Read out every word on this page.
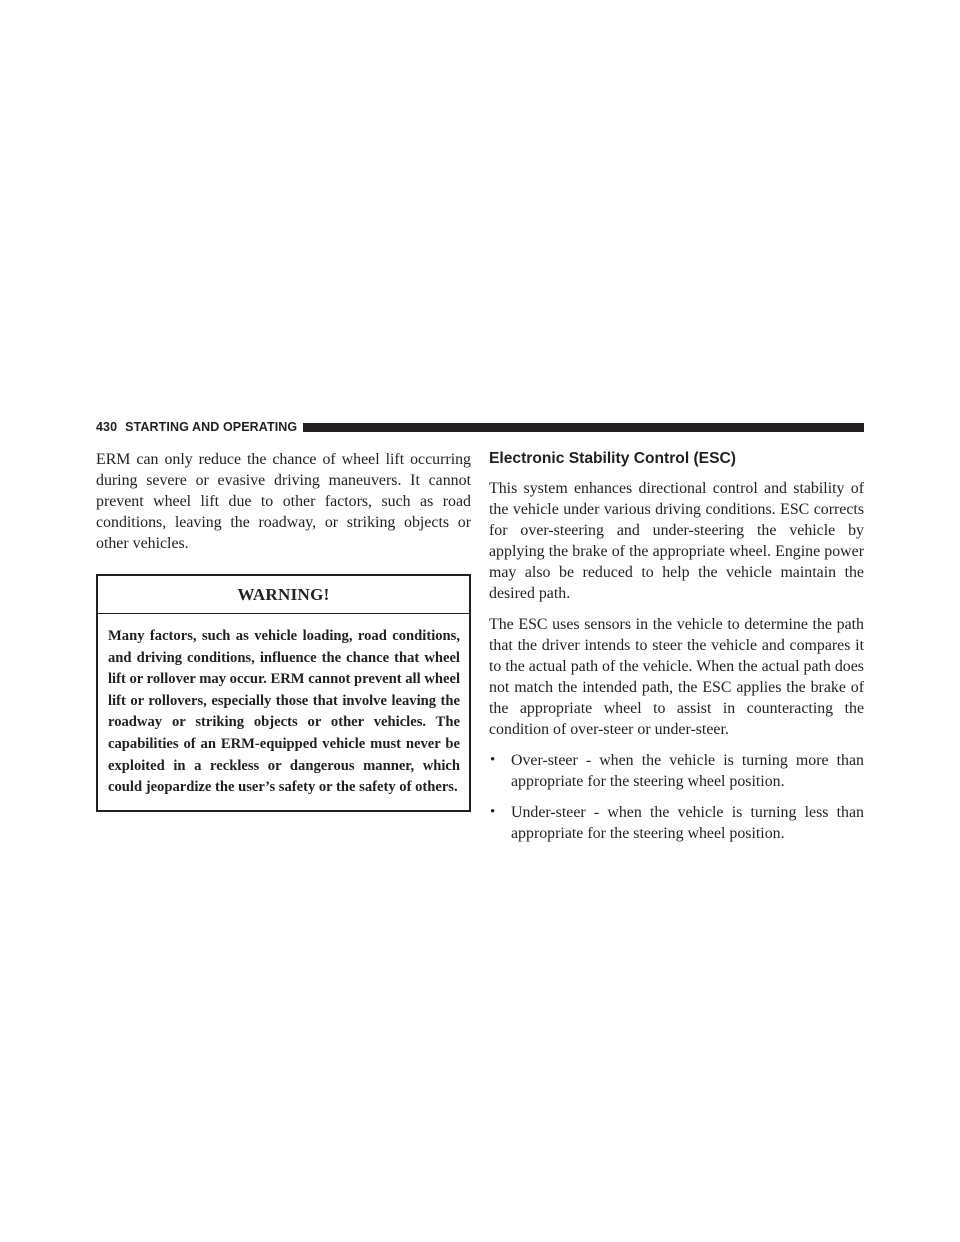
430 STARTING AND OPERATING

ERM can only reduce the chance of wheel lift occurring during severe or evasive driving maneuvers. It cannot prevent wheel lift due to other factors, such as road conditions, leaving the roadway, or striking objects or other vehicles.

WARNING!
Many factors, such as vehicle loading, road conditions, and driving conditions, influence the chance that wheel lift or rollover may occur. ERM cannot prevent all wheel lift or rollovers, especially those that involve leaving the roadway or striking objects or other vehicles. The capabilities of an ERM-equipped vehicle must never be exploited in a reckless or dangerous manner, which could jeopardize the user’s safety or the safety of others.
Electronic Stability Control (ESC)

This system enhances directional control and stability of the vehicle under various driving conditions. ESC corrects for over-steering and under-steering the vehicle by applying the brake of the appropriate wheel. Engine power may also be reduced to help the vehicle maintain the desired path.

The ESC uses sensors in the vehicle to determine the path that the driver intends to steer the vehicle and compares it to the actual path of the vehicle. When the actual path does not match the intended path, the ESC applies the brake of the appropriate wheel to assist in counteracting the condition of over-steer or under-steer.

• Over-steer - when the vehicle is turning more than appropriate for the steering wheel position.
• Under-steer - when the vehicle is turning less than appropriate for the steering wheel position.
